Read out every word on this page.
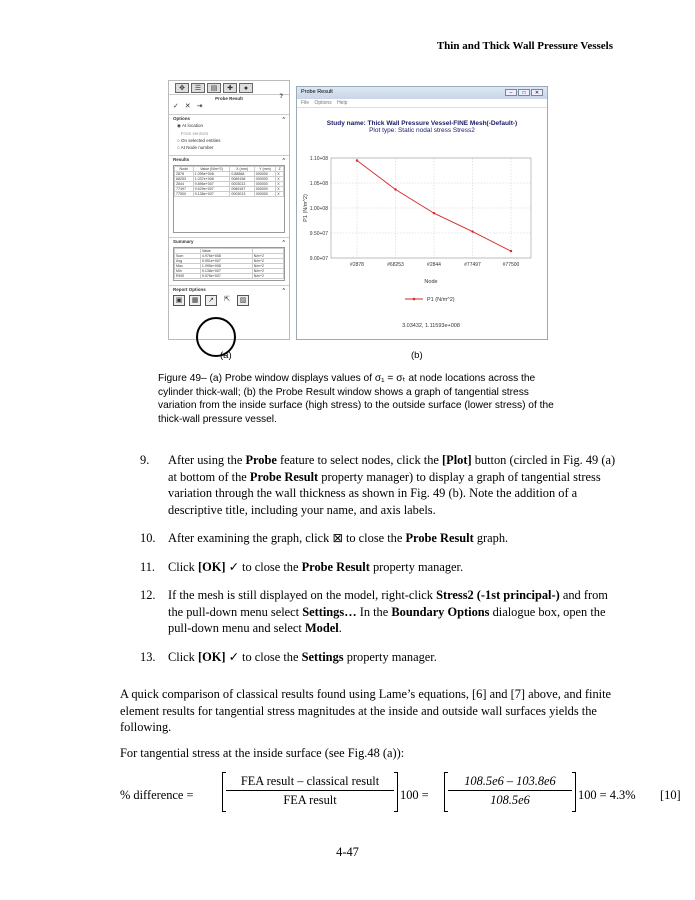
Thin and Thick Wall Pressure Vessels
✥	☰	▤	✚	●
Probe Result	?
✓ ✕ ⇥
Options	^
◉ At location
From sensors
○ On selected entities
○ At Node number
Results	^
Node	Value (N/m^2)	X (mm)	Y (mm)	Z
2878	1.095e+008	0.88868	000000	X
68253	1.037e+008	0089158	000000	X
2844	9.896e+007	0003013	000000	X
77497	9.529e+007	0089167	000000	X
77500	9.138e+007	0003013	000000	X
Summary	^
	Value	
Sum	4.976e+008	N/m^2
Avg	9.951e+007	N/m^2
Max	1.095e+008	N/m^2
Min	9.138e+007	N/m^2
RMS	9.976e+007	N/m^2
Report Options	^
▣	▦	↗	⇱	▨
Probe Result	–	□	✕
File Options Help
Study name: Thick Wall Pressure Vessel-FINE Mesh(-Default-)
Plot type: Static nodal stress Stress2
1.10+08
1.05+08
1.00+08
9.50+07
9.00+07
#2878	#68253	#2844	#77497	#77500
P1 (N/m^2)
Node
P1 (N/m^2)
3.03432, 1.11593e+008
(a)	(b)
Figure 49– (a) Probe window displays values of σ₁ = σₜ at node locations across the cylinder thick-wall; (b) the Probe Result window shows a graph of tangential stress variation from the inside surface (high stress) to the outside surface (lower stress) of the thick-wall pressure vessel.
9.	After using the Probe feature to select nodes, click the [Plot] button (circled in Fig. 49 (a) at bottom of the Probe Result property manager) to display a graph of tangential stress variation through the wall thickness as shown in Fig. 49 (b). Note the addition of a descriptive title, including your name, and axis labels.
10.	After examining the graph, click ⊠ to close the Probe Result graph.
11.	Click [OK] ✓ to close the Probe Result property manager.
12.	If the mesh is still displayed on the model, right-click Stress2 (-1st principal-) and from the pull-down menu select Settings… In the Boundary Options dialogue box, open the pull-down menu and select Model.
13.	Click [OK] ✓ to close the Settings property manager.
A quick comparison of classical results found using Lame’s equations, [6] and [7] above, and finite element results for tangential stress magnitudes at the inside and outside wall surfaces yields the following.
For tangential stress at the inside surface (see Fig.48 (a)):
% difference =
FEA result – classical result
FEA result	$100 = \frac{108.5e6 - 103.8e6}{108.5e6} 100 = 4.3\%$ [10]
4-47
